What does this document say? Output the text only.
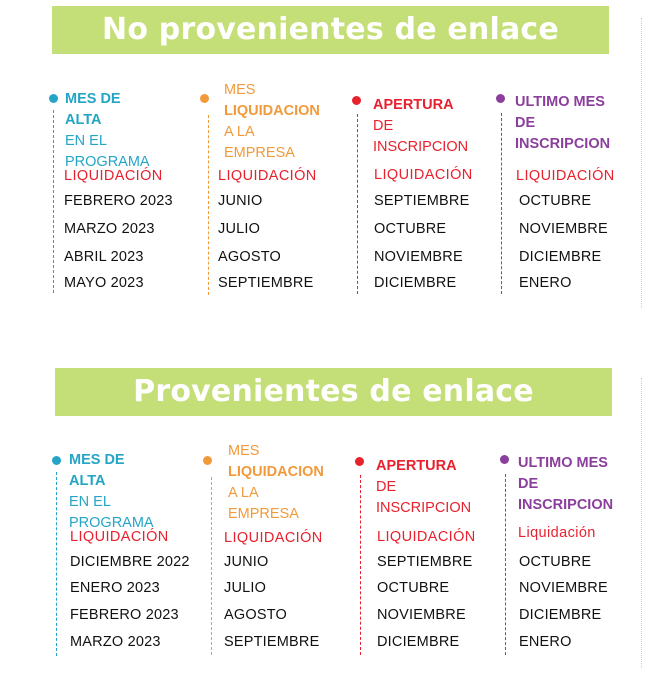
No provenientes de enlace
MES DE ALTA
EN EL
PROGRAMA
LIQUIDACIÓN
FEBRERO 2023
MARZO 2023
ABRIL 2023
MAYO 2023
MES
LIQUIDACION
A LA
EMPRESA
LIQUIDACIÓN
JUNIO
JULIO
AGOSTO
SEPTIEMBRE
APERTURA DE
INSCRIPCION
LIQUIDACIÓN
SEPTIEMBRE
OCTUBRE
NOVIEMBRE
DICIEMBRE
ULTIMO MES
DE
INSCRIPCION
LIQUIDACIÓN
OCTUBRE
NOVIEMBRE
DICIEMBRE
ENERO
Provenientes de enlace
MES DE ALTA
EN EL
PROGRAMA
LIQUIDACIÓN
DICIEMBRE 2022
ENERO 2023
FEBRERO 2023
MARZO 2023
MES
LIQUIDACION
A LA
EMPRESA
LIQUIDACIÓN
JUNIO
JULIO
AGOSTO
SEPTIEMBRE
APERTURA DE
INSCRIPCION
LIQUIDACIÓN
SEPTIEMBRE
OCTUBRE
NOVIEMBRE
DICIEMBRE
ULTIMO MES
DE
INSCRIPCION
Liquidación
OCTUBRE
NOVIEMBRE
DICIEMBRE
ENERO
